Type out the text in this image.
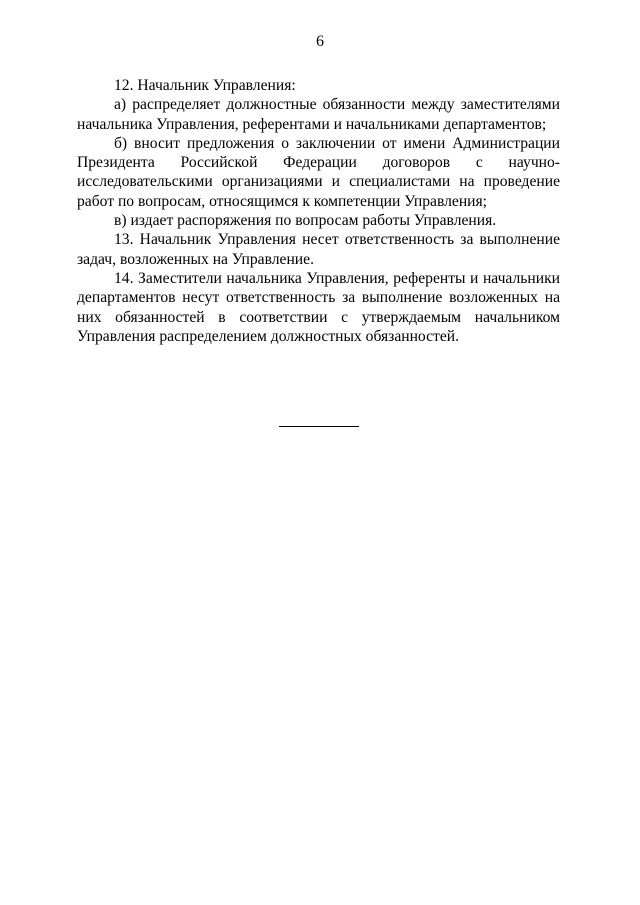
6

12. Начальник Управления:

а) распределяет должностные обязанности между заместителями начальника Управления, референтами и начальниками департаментов;

б) вносит предложения о заключении от имени Администрации Президента Российской Федерации договоров с научно-исследовательскими организациями и специалистами на проведение работ по вопросам, относящимся к компетенции Управления;

в) издает распоряжения по вопросам работы Управления.

13. Начальник Управления несет ответственность за выполнение задач, возложенных на Управление.

14. Заместители начальника Управления, референты и начальники департаментов несут ответственность за выполнение возложенных на них обязанностей в соответствии с утверждаемым начальником Управления распределением должностных обязанностей.
